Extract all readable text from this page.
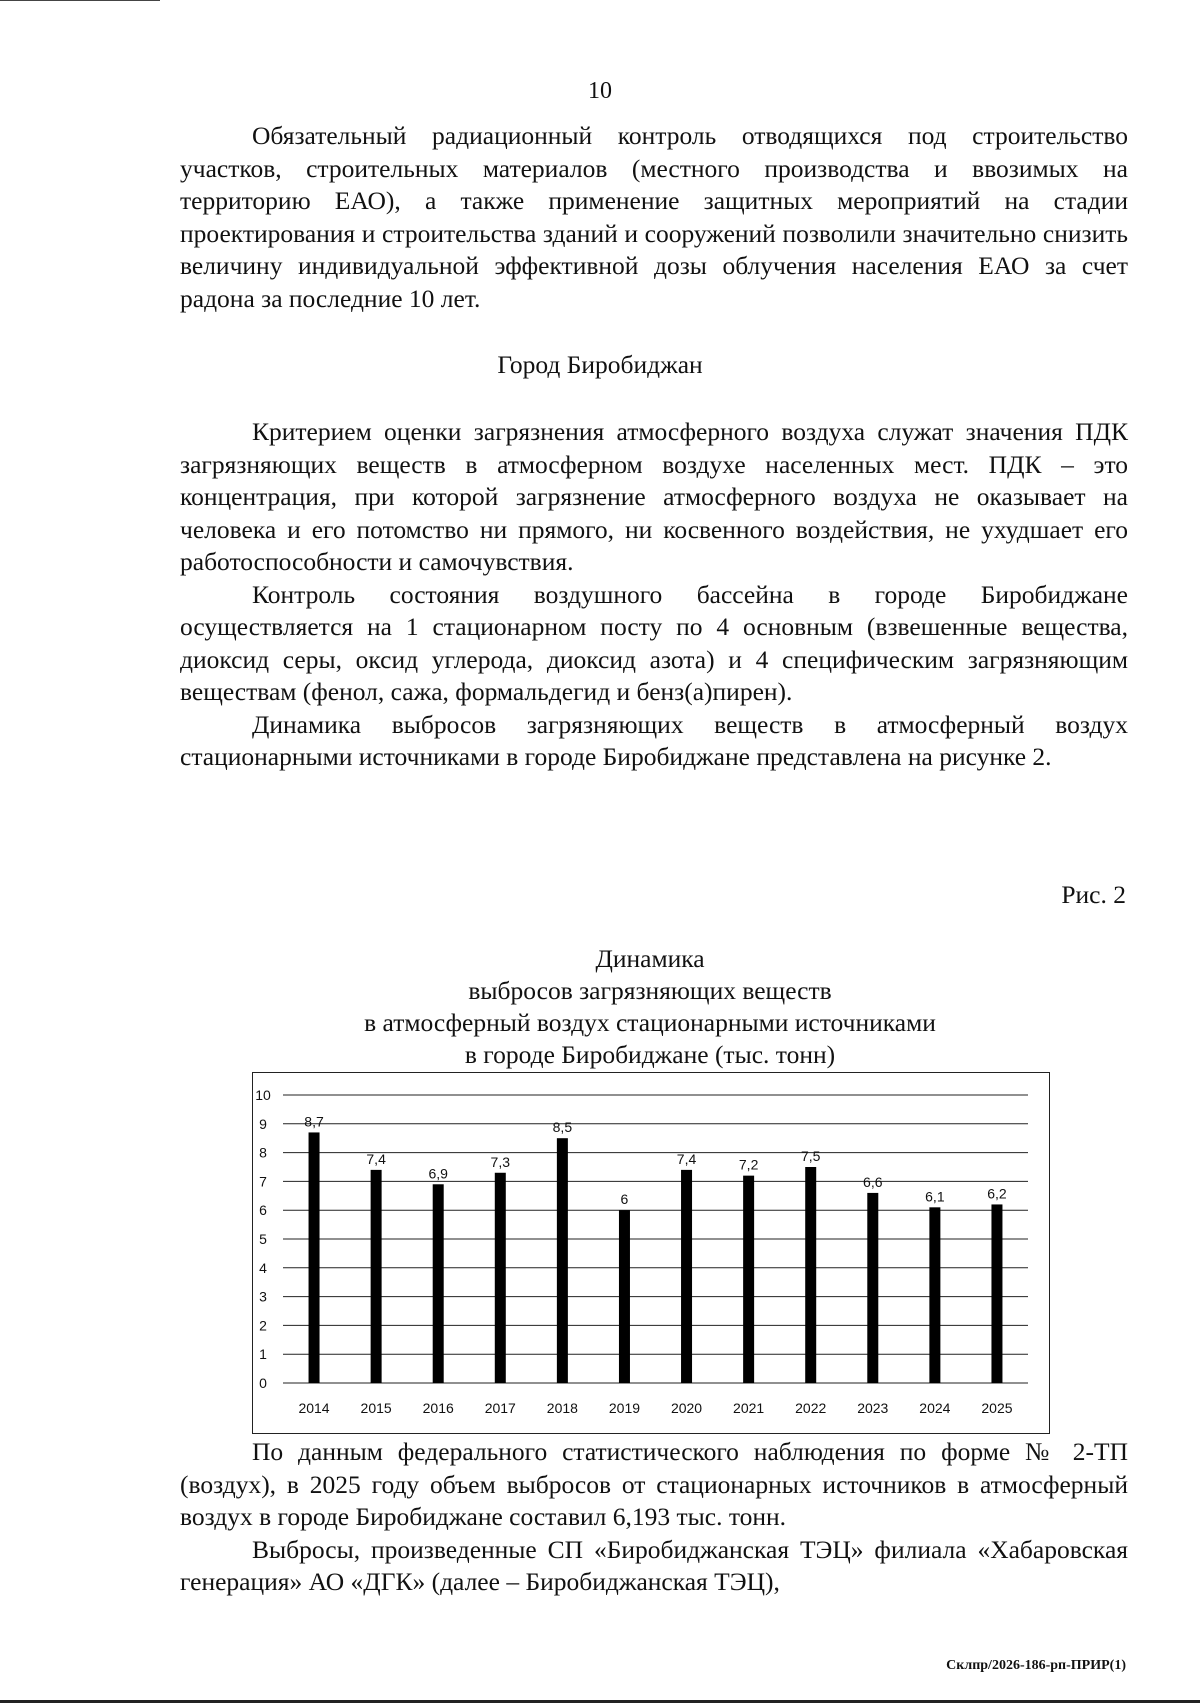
10

Обязательный радиационный контроль отводящихся под строительство участков, строительных материалов (местного производства и ввозимых на территорию ЕАО), а также применение защитных мероприятий на стадии проектирования и строительства зданий и сооружений позволили значительно снизить величину индивидуальной эффективной дозы облучения населения ЕАО за счет радона за последние 10 лет.

Город Биробиджан

Критерием оценки загрязнения атмосферного воздуха служат значения ПДК загрязняющих веществ в атмосферном воздухе населенных мест. ПДК – это концентрация, при которой загрязнение атмосферного воздуха не оказывает на человека и его потомство ни прямого, ни косвенного воздействия, не ухудшает его работоспособности и самочувствия.

Контроль состояния воздушного бассейна в городе Биробиджане осуществляется на 1 стационарном посту по 4 основным (взвешенные вещества, диоксид серы, оксид углерода, диоксид азота) и 4 специфическим загрязняющим веществам (фенол, сажа, формальдегид и бенз(а)пирен).

Динамика выбросов загрязняющих веществ в атмосферный воздух стационарными источниками в городе Биробиджане представлена на рисунке 2.

Рис. 2
Динамика
выбросов загрязняющих веществ
в атмосферный воздух стационарными источниками
в городе Биробиджане (тыс. тонн)
0
1
2
3
4
5
6
7
8
9
10
8,7
2014
7,4
2015
6,9
2016
7,3
2017
8,5
2018
6
2019
7,4
2020
7,2
2021
7,5
2022
6,6
2023
6,1
2024
6,2
2025

По данным федерального статистического наблюдения по форме № 2-ТП (воздух), в 2025 году объем выбросов от стационарных источников в атмосферный воздух в городе Биробиджане составил 6,193 тыс. тонн.

Выбросы, произведенные СП «Биробиджанская ТЭЦ» филиала «Хабаровская генерация» АО «ДГК» (далее – Биробиджанская ТЭЦ),

Склпр/2026-186-рп-ПРИР(1)
